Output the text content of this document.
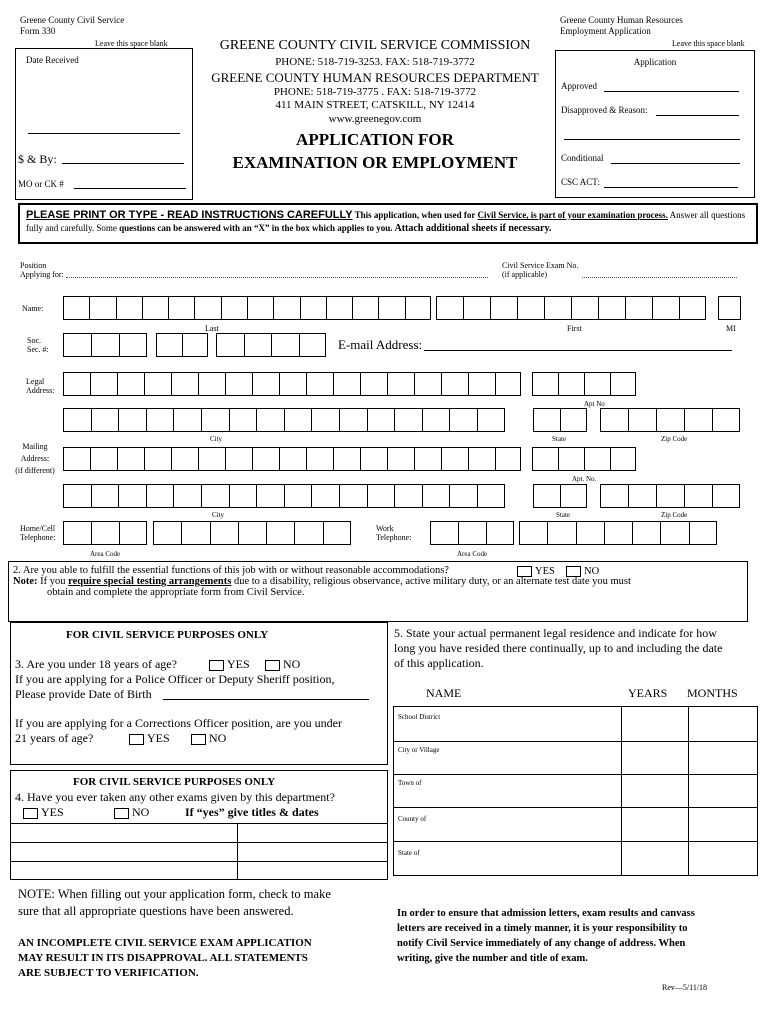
Greene County Civil Service
Form 330
Leave this space blank
Date Received
$ & By:
MO or CK #
GREENE COUNTY CIVIL SERVICE COMMISSION
PHONE: 518-719-3253. FAX: 518-719-3772
GREENE COUNTY HUMAN RESOURCES DEPARTMENT
PHONE: 518-719-3775 . FAX: 518-719-3772
411 MAIN STREET, CATSKILL, NY 12414
www.greenegov.com
APPLICATION FOR
EXAMINATION OR EMPLOYMENT
Greene County Human Resources
Employment Application
Leave this space blank
Application
Approved
Disapproved & Reason:
Conditional
CSC ACT:
PLEASE PRINT OR TYPE - READ INSTRUCTIONS CAREFULLY This application, when used for Civil Service, is part of your examination process. Answer all questions fully and carefully. Some questions can be answered with an “X” in the box which applies to you. Attach additional sheets if necessary.
Position
Applying for:
Civil Service Exam No.
(if applicable)
Name:
Last	First	MI
Soc.
Sec. #:	E-mail Address:
Legal
Address:
Apt No
City	State	Zip Code
Mailing
Address:
(if different)
Apt. No.
City	State	Zip Code
Home/Cell
Telephone:
Work
Telephone:
Area Code	Area Code
2. Are you able to fulfill the essential functions of this job with or without reasonable accommodations?	YES	NO
Note: If you require special testing arrangements due to a disability, religious observance, active military duty, or an alternate test date you must
obtain and complete the appropriate form from Civil Service.
FOR CIVIL SERVICE PURPOSES ONLY
3. Are you under 18 years of age?	YES	NO
If you are applying for a Police Officer or Deputy Sheriff position,
Please provide Date of Birth
If you are applying for a Corrections Officer position, are you under
21 years of age?	YES	NO
FOR CIVIL SERVICE PURPOSES ONLY
4. Have you ever taken any other exams given by this department?
YES	NO	If “yes” give titles & dates
5. State your actual permanent legal residence and indicate for how
long you have resided there continually, up to and including the date
of this application.
NAME	YEARS MONTHS
School District
City or Village
Town of
County of
State of
NOTE: When filling out your application form, check to make
sure that all appropriate questions have been answered.
AN INCOMPLETE CIVIL SERVICE EXAM APPLICATION
MAY RESULT IN ITS DISAPPROVAL. ALL STATEMENTS
ARE SUBJECT TO VERIFICATION.
In order to ensure that admission letters, exam results and canvass
letters are received in a timely manner, it is your responsibility to
notify Civil Service immediately of any change of address. When
writing, give the number and title of exam.
Rev—5/11/18
